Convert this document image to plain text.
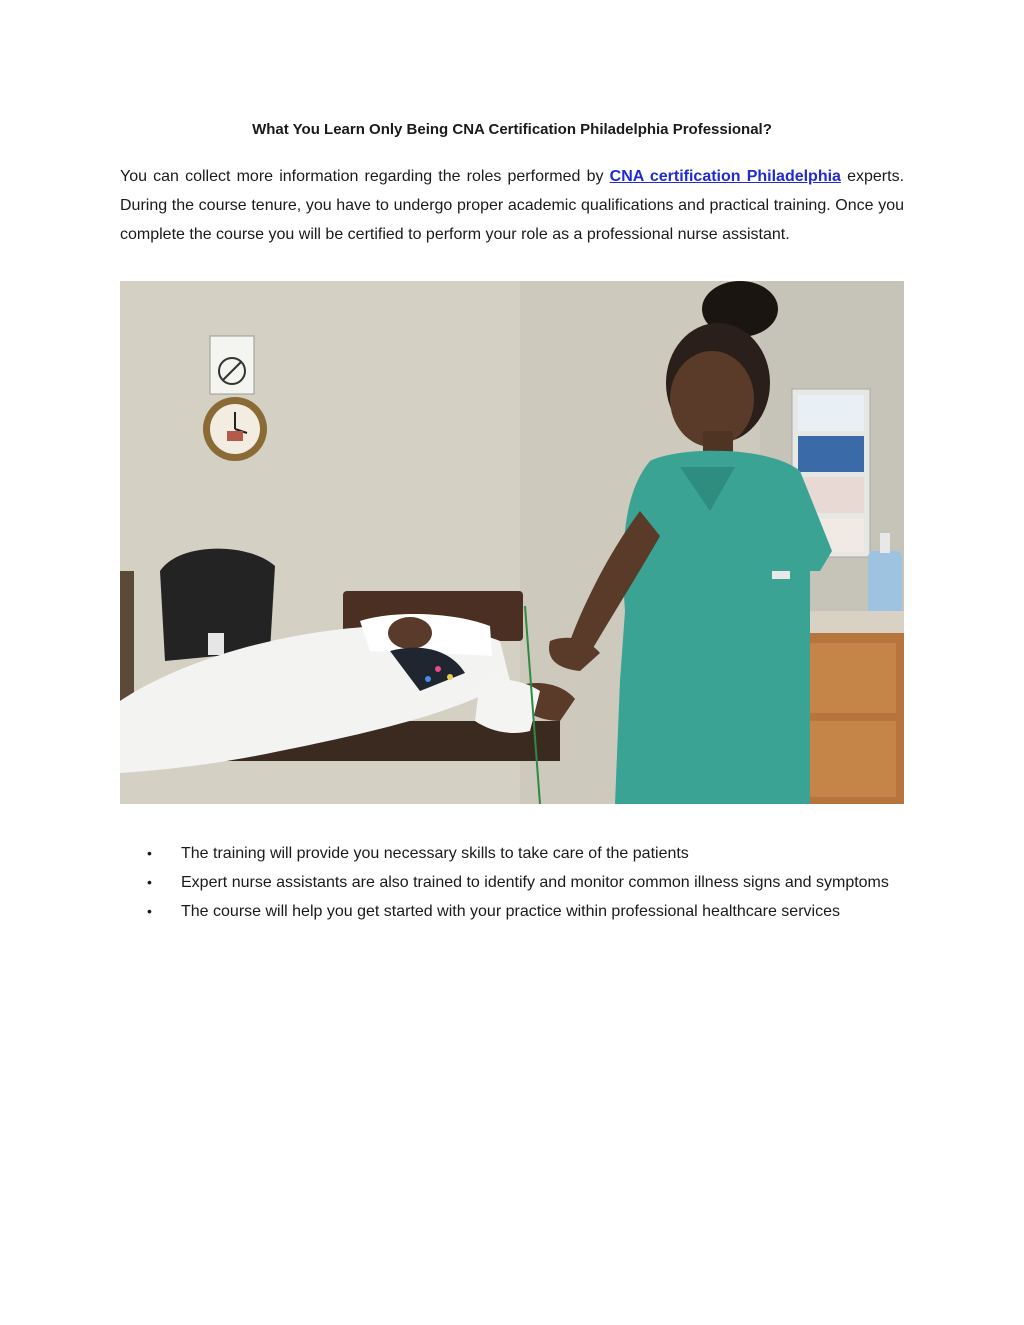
What You Learn Only Being CNA Certification Philadelphia Professional?

You can collect more information regarding the roles performed by CNA certification Philadelphia experts. During the course tenure, you have to undergo proper academic qualifications and practical training. Once you complete the course you will be certified to perform your role as a professional nurse assistant.

• The training will provide you necessary skills to take care of the patients
• Expert nurse assistants are also trained to identify and monitor common illness signs and symptoms
• The course will help you get started with your practice within professional healthcare services
